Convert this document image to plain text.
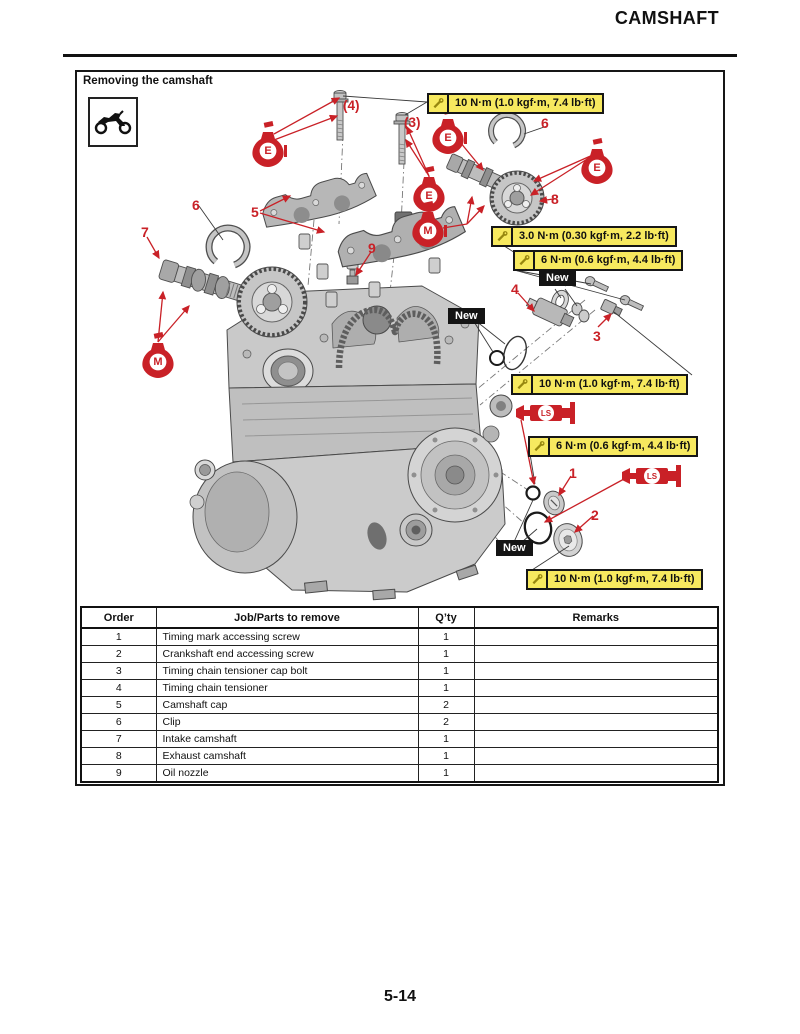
CAMSHAFT
E
E
E
E
M
M
LS
LS
Removing the camshaft
10 N·m (1.0 kgf·m, 7.4 lb·ft)
3.0 N·m (0.30 kgf·m, 2.2 lb·ft)
6 N·m (0.6 kgf·m, 4.4 lb·ft)
10 N·m (1.0 kgf·m, 7.4 lb·ft)
6 N·m (0.6 kgf·m, 4.4 lb·ft)
10 N·m (1.0 kgf·m, 7.4 lb·ft)
New
New
New
(4)
(3)
5
6
7
9
6
8
4
3
1
2
Order	Job/Parts to remove	Q’ty	Remarks
1	Timing mark accessing screw	1	
2	Crankshaft end accessing screw	1	
3	Timing chain tensioner cap bolt	1	
4	Timing chain tensioner	1	
5	Camshaft cap	2	
6	Clip	2	
7	Intake camshaft	1	
8	Exhaust camshaft	1	
9	Oil nozzle	1	
5-14
